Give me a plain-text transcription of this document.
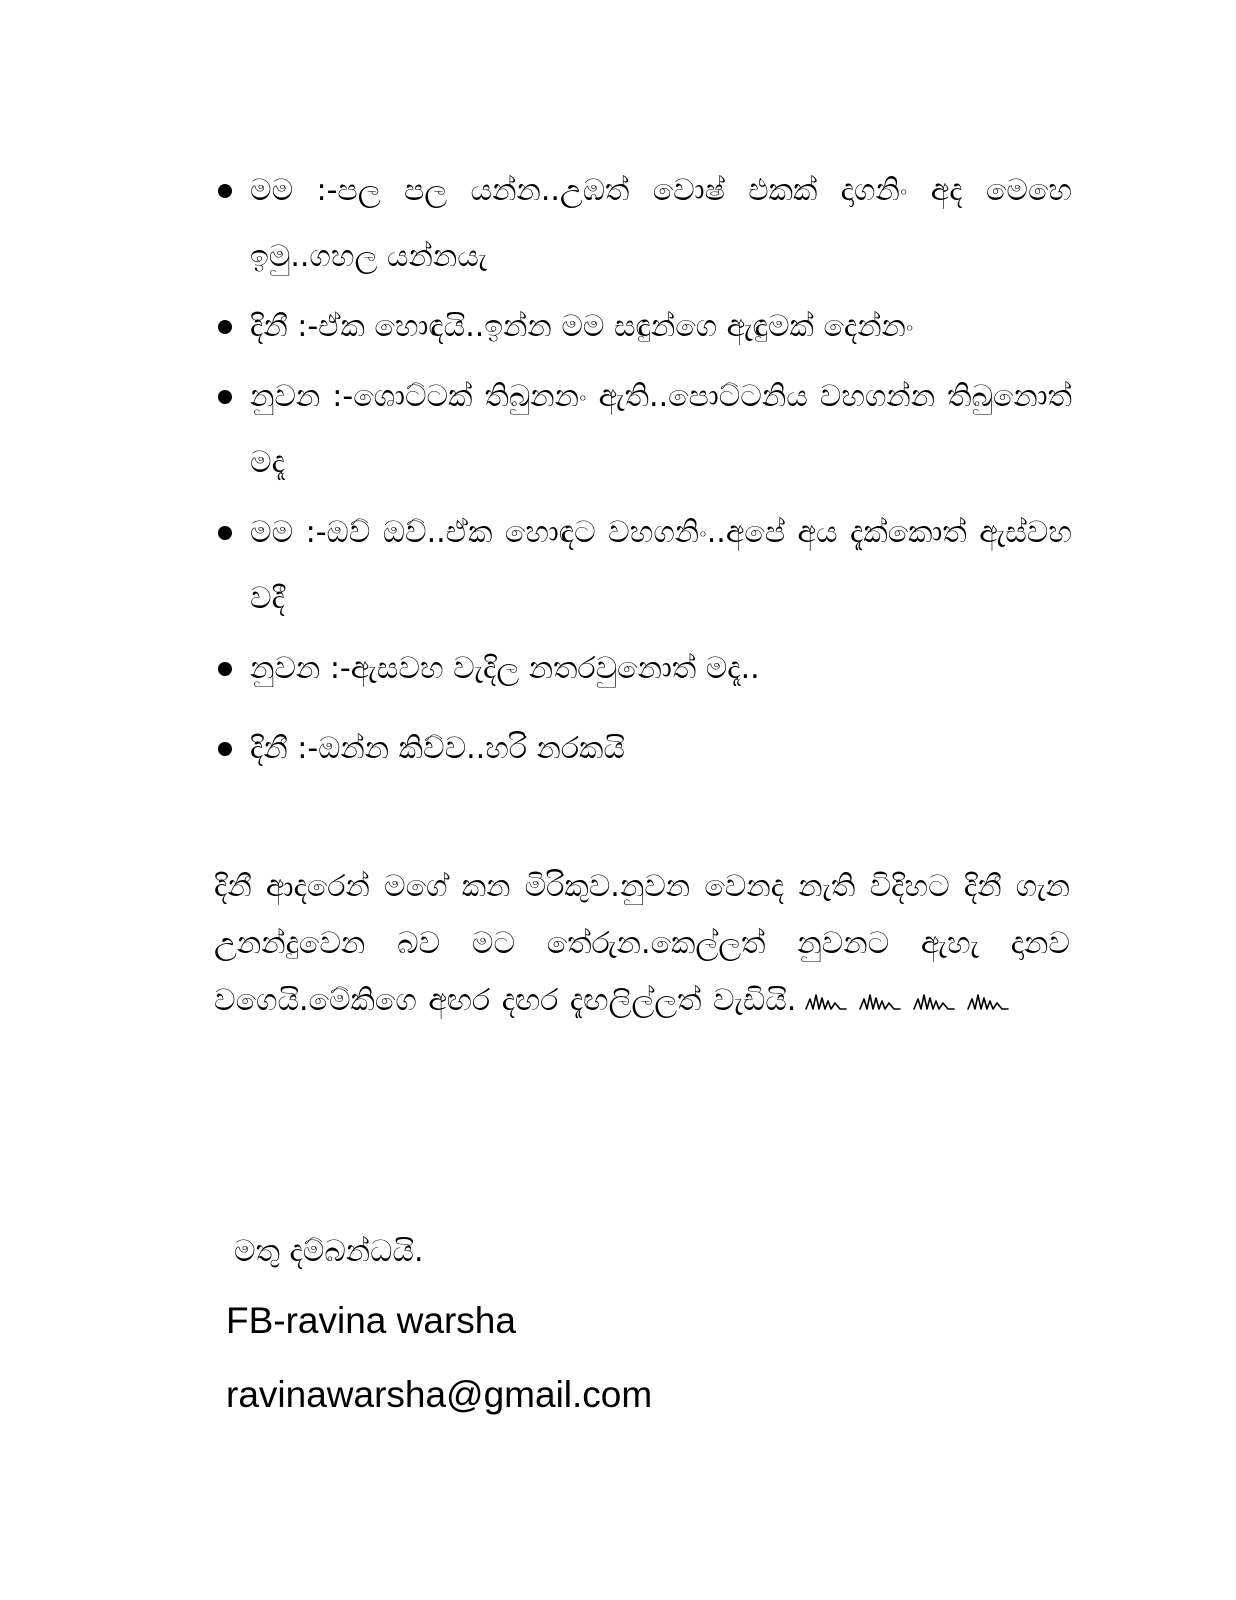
මම :-පල පල යන්න..උඹත් වොෂ් එකක් දාගනිං අද මෙහෙ ඉමු..ගහල යන්නයැ
දිනී :-ඒක හොඳයි..ඉන්න මම සඳුන්ගෙ ඇඳුමක් දෙන්නං
නුවන :-ශොට්ටක් තිබුනනං ඇති..පොට්ටනිය වහගන්න තිබුනොත් මදෑ
මම :-ඔව් ඔව්..ඒක හොඳට වහගනිං..අපේ අය දැක්කොත් ඇස්වහ වදී
නුවන :-ඇසවහ වැදිල නතරවුනොත් මදෑ..
දිනී :-ඔන්න කිව්ව..හරි නරකයි

දිනී ආදරෙන් මගේ කන මිරිකුව.නුවන වෙනද නැති විදිහට දිනී ගැන උනන්දුවෙන බව මට තේරුන.කෙල්ලත් නුවනට ඇහැ දානව වගෙයි.මේකිගෙ අඟර දඟර දැඟලිල්ලත් වැඩියි.

මතු දම්බන්ධයි.
FB-ravina warsha
ravinawarsha@gmail.com
